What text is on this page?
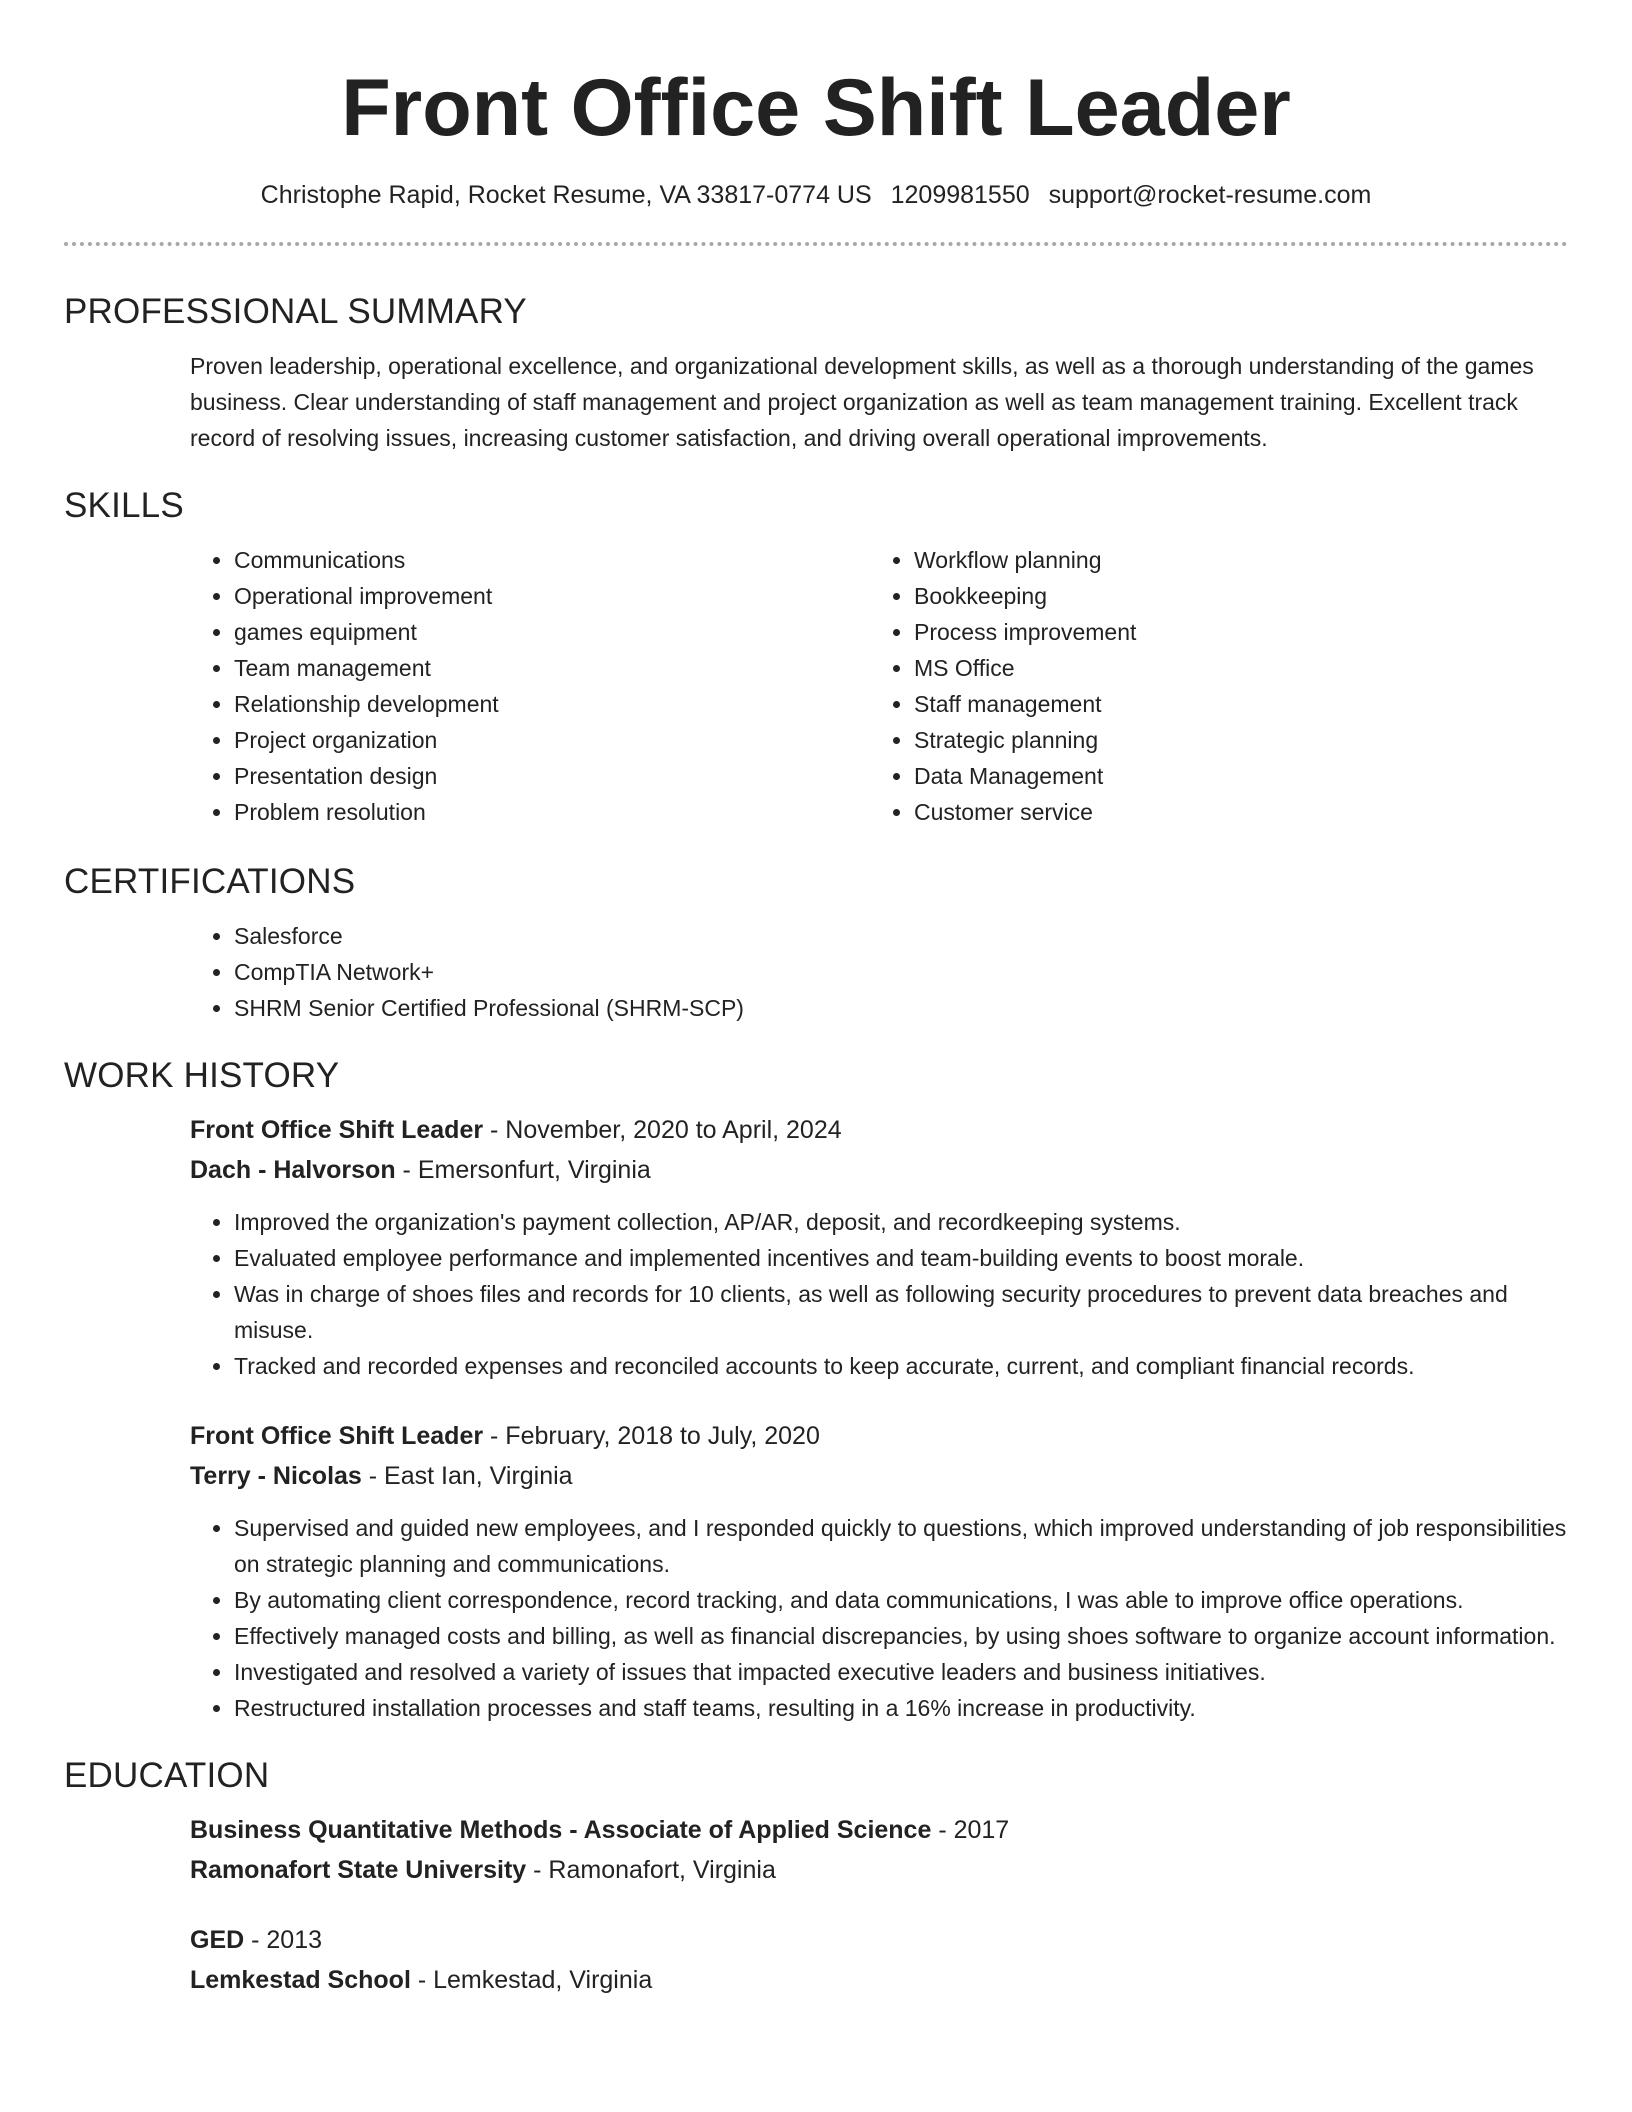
Front Office Shift Leader
Christophe Rapid, Rocket Resume, VA 33817-0774 US 1209981550 support@rocket-resume.com
PROFESSIONAL SUMMARY
Proven leadership, operational excellence, and organizational development skills, as well as a thorough understanding of the games business. Clear understanding of staff management and project organization as well as team management training. Excellent track record of resolving issues, increasing customer satisfaction, and driving overall operational improvements.
SKILLS
• Communications
• Operational improvement
• games equipment
• Team management
• Relationship development
• Project organization
• Presentation design
• Problem resolution
• Workflow planning
• Bookkeeping
• Process improvement
• MS Office
• Staff management
• Strategic planning
• Data Management
• Customer service
CERTIFICATIONS
• Salesforce
• CompTIA Network+
• SHRM Senior Certified Professional (SHRM-SCP)
WORK HISTORY
Front Office Shift Leader - November, 2020 to April, 2024
Dach - Halvorson - Emersonfurt, Virginia
• Improved the organization's payment collection, AP/AR, deposit, and recordkeeping systems.
• Evaluated employee performance and implemented incentives and team-building events to boost morale.
• Was in charge of shoes files and records for 10 clients, as well as following security procedures to prevent data breaches and misuse.
• Tracked and recorded expenses and reconciled accounts to keep accurate, current, and compliant financial records.
Front Office Shift Leader - February, 2018 to July, 2020
Terry - Nicolas - East Ian, Virginia
• Supervised and guided new employees, and I responded quickly to questions, which improved understanding of job responsibilities on strategic planning and communications.
• By automating client correspondence, record tracking, and data communications, I was able to improve office operations.
• Effectively managed costs and billing, as well as financial discrepancies, by using shoes software to organize account information.
• Investigated and resolved a variety of issues that impacted executive leaders and business initiatives.
• Restructured installation processes and staff teams, resulting in a 16% increase in productivity.
EDUCATION
Business Quantitative Methods - Associate of Applied Science - 2017
Ramonafort State University - Ramonafort, Virginia
GED - 2013
Lemkestad School - Lemkestad, Virginia
